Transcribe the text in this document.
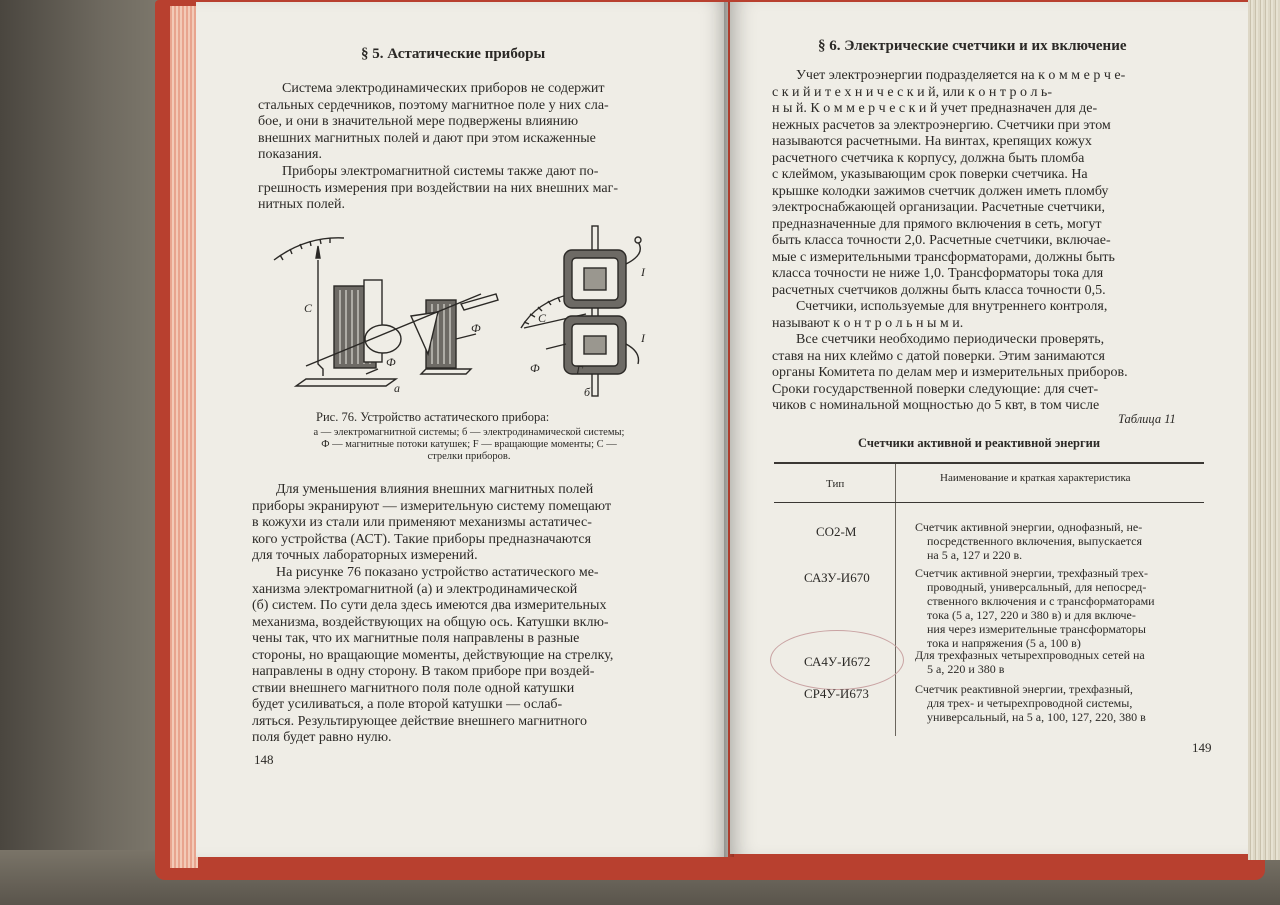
§ 5. Астатические приборы

Система электродинамических приборов не содержит
стальных сердечников, поэтому магнитное поле у них сла-
бое, и они в значительной мере подвержены влиянию
внешних магнитных полей и дают при этом искаженные
показания.

Приборы электромагнитной системы также дают по-
грешность измерения при воздействии на них внешних маг-
нитных полей.

С
Ф
Ф
а
С
Ф	Г
I
I
б
Рис. 76. Устройство астатического прибора:
а — электромагнитной системы; б — электродинамической системы;
Ф — магнитные потоки катушек; F — вращающие моменты; С —
стрелки приборов.

Для уменьшения влияния внешних магнитных полей
приборы экранируют — измерительную систему помещают
в кожухи из стали или применяют механизмы астатичес-
кого устройства (АСТ). Такие приборы предназначаются
для точных лабораторных измерений.

На рисунке 76 показано устройство астатического ме-
ханизма электромагнитной (а) и электродинамической
(б) систем. По сути дела здесь имеются два измерительных
механизма, воздействующих на общую ось. Катушки вклю-
чены так, что их магнитные поля направлены в разные
стороны, но вращающие моменты, действующие на стрелку,
направлены в одну сторону. В таком приборе при воздей-
ствии внешнего магнитного поля поле одной катушки
будет усиливаться, а поле второй катушки — ослаб-
ляться. Результирующее действие внешнего магнитного
поля будет равно нулю.

148
§ 6. Электрические счетчики и их включение

Учет электроэнергии подразделяется на к о м м е р ч е-
с к и й и т е х н и ч е с к и й, или к о н т р о л ь-
н ы й. К о м м е р ч е с к и й учет предназначен для де-
нежных расчетов за электроэнергию. Счетчики при этом
называются расчетными. На винтах, крепящих кожух
расчетного счетчика к корпусу, должна быть пломба
с клеймом, указывающим срок поверки счетчика. На
крышке колодки зажимов счетчик должен иметь пломбу
электроснабжающей организации. Расчетные счетчики,
предназначенные для прямого включения в сеть, могут
быть класса точности 2,0. Расчетные счетчики, включае-
мые с измерительными трансформаторами, должны быть
класса точности не ниже 1,0. Трансформаторы тока для
расчетных счетчиков должны быть класса точности 0,5.

Счетчики, используемые для внутреннего контроля,
называют к о н т р о л ь н ы м и.

Все счетчики необходимо периодически проверять,
ставя на них клеймо с датой поверки. Этим занимаются
органы Комитета по делам мер и измерительных приборов.
Сроки государственной поверки следующие: для счет-
чиков с номинальной мощностью до 5 квт, в том числе

Таблица 11
Счетчики активной и реактивной энергии
Тип	Наименование и краткая характеристика
СО2-М	Счетчик активной энергии, однофазный, не-
посредственного включения, выпускается
на 5 а, 127 и 220 в.
САЗУ-И670	Счетчик активной энергии, трехфазный трех-
проводный, универсальный, для непосред-
ственного включения и с трансформаторами
тока (5 а, 127, 220 и 380 в) и для включе-
ния через измерительные трансформаторы
тока и напряжения (5 а, 100 в)
СА4У-И672	Для трехфазных четырехпроводных сетей на
5 а, 220 и 380 в
СР4У-И673	Счетчик реактивной энергии, трехфазный,
для трех- и четырехпроводной системы,
универсальный, на 5 а, 100, 127, 220, 380 в
149
